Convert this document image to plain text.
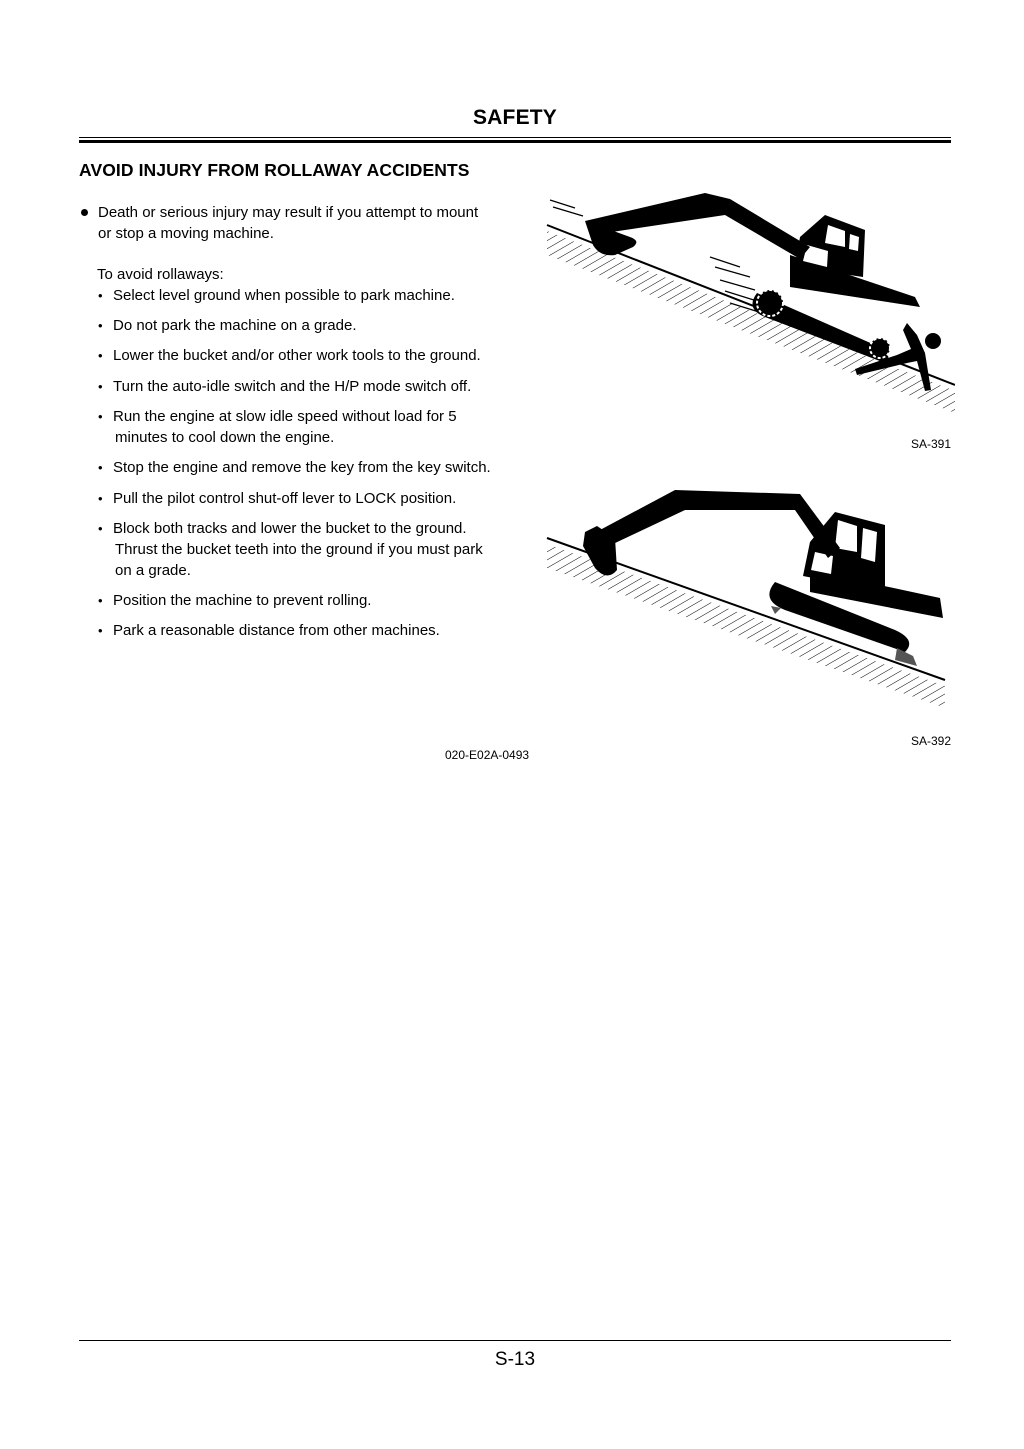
SAFETY
AVOID INJURY FROM ROLLAWAY ACCIDENTS
Death or serious injury may result if you attempt to mount
or stop a moving machine.
To avoid rollaways:
• Select level ground when possible to park machine.
• Do not park the machine on a grade.
• Lower the bucket and/or other work tools to the ground.
• Turn the auto-idle switch and the H/P mode switch off.
• Run the engine at slow idle speed without load for 5
minutes to cool down the engine.
• Stop the engine and remove the key from the key switch.
• Pull the pilot control shut-off lever to LOCK position.
• Block both tracks and lower the bucket to the ground.
Thrust the bucket teeth into the ground if you must park
on a grade.
• Position the machine to prevent rolling.
• Park a reasonable distance from other machines.
SA-391
SA-392
020-E02A-0493
S-13
